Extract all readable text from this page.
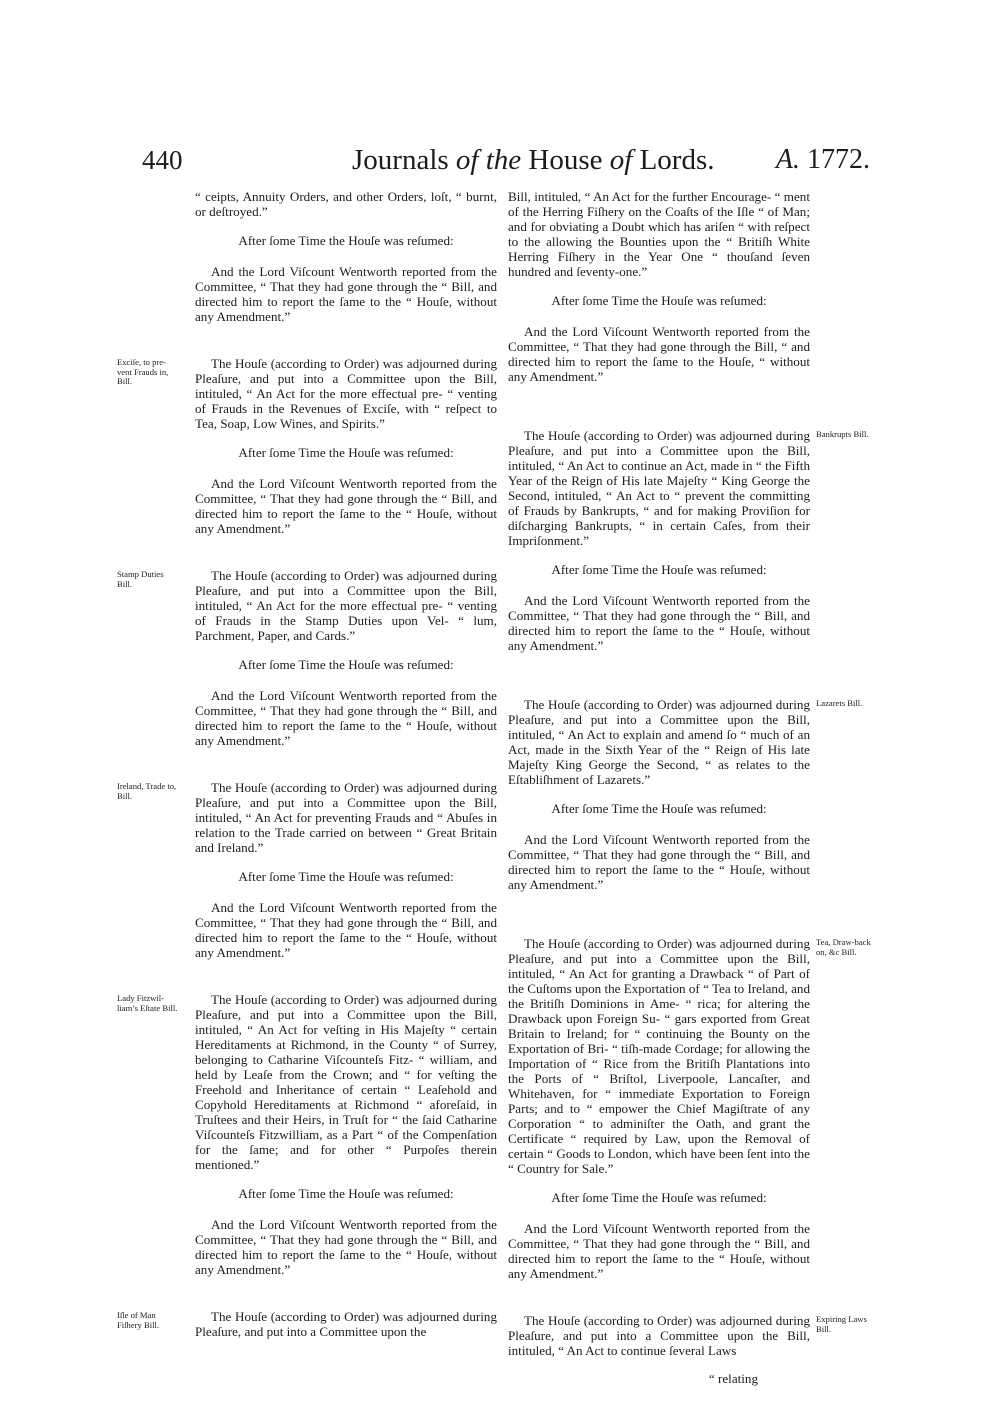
440	Journals of the House of Lords. A. 1772.

“ ceipts, Annuity Orders, and other Orders, loſt, “ burnt, or deſtroyed.”

After ſome Time the Houſe was reſumed:

And the Lord Viſcount Wentworth reported from the Committee, “ That they had gone through the “ Bill, and directed him to report the ſame to the “ Houſe, without any Amendment.”

Exciſe, to pre-vent Frauds in, Bill.
The Houſe (according to Order) was adjourned during Pleaſure, and put into a Committee upon the Bill, intituled, “ An Act for the more effectual pre- “ venting of Frauds in the Revenues of Exciſe, with “ reſpect to Tea, Soap, Low Wines, and Spirits.”

After ſome Time the Houſe was reſumed:

And the Lord Viſcount Wentworth reported from the Committee, “ That they had gone through the “ Bill, and directed him to report the ſame to the “ Houſe, without any Amendment.”

Stamp Duties Bill.
The Houſe (according to Order) was adjourned during Pleaſure, and put into a Committee upon the Bill, intituled, “ An Act for the more effectual pre- “ venting of Frauds in the Stamp Duties upon Vel- “ lum, Parchment, Paper, and Cards.”

After ſome Time the Houſe was reſumed:

And the Lord Viſcount Wentworth reported from the Committee, “ That they had gone through the “ Bill, and directed him to report the ſame to the “ Houſe, without any Amendment.”

Ireland, Trade to, Bill.
The Houſe (according to Order) was adjourned during Pleaſure, and put into a Committee upon the Bill, intituled, “ An Act for preventing Frauds and “ Abuſes in relation to the Trade carried on between “ Great Britain and Ireland.”

After ſome Time the Houſe was reſumed:

And the Lord Viſcount Wentworth reported from the Committee, “ That they had gone through the “ Bill, and directed him to report the ſame to the “ Houſe, without any Amendment.”

Lady Fitzwil-liam’s Eſtate Bill.
The Houſe (according to Order) was adjourned during Pleaſure, and put into a Committee upon the Bill, intituled, “ An Act for veſting in His Majeſty “ certain Hereditaments at Richmond, in the County “ of Surrey, belonging to Catharine Viſcounteſs Fitz- “ william, and held by Leaſe from the Crown; and “ for veſting the Freehold and Inheritance of certain “ Leaſehold and Copyhold Hereditaments at Richmond “ aforeſaid, in Truſtees and their Heirs, in Truſt for “ the ſaid Catharine Viſcounteſs Fitzwilliam, as a Part “ of the Compenſation for the ſame; and for other “ Purpoſes therein mentioned.”

After ſome Time the Houſe was reſumed:

And the Lord Viſcount Wentworth reported from the Committee, “ That they had gone through the “ Bill, and directed him to report the ſame to the “ Houſe, without any Amendment.”

Iſle of Man Fiſhery Bill.
The Houſe (according to Order) was adjourned during Pleaſure, and put into a Committee upon the

Bill, intituled, “ An Act for the further Encourage- “ ment of the Herring Fiſhery on the Coaſts of the Iſle “ of Man; and for obviating a Doubt which has ariſen “ with reſpect to the allowing the Bounties upon the “ Britiſh White Herring Fiſhery in the Year One “ thouſand ſeven hundred and ſeventy-one.”

After ſome Time the Houſe was reſumed:

And the Lord Viſcount Wentworth reported from the Committee, “ That they had gone through the Bill, “ and directed him to report the ſame to the Houſe, “ without any Amendment.”

Bankrupts Bill.
The Houſe (according to Order) was adjourned during Pleaſure, and put into a Committee upon the Bill, intituled, “ An Act to continue an Act, made in “ the Fifth Year of the Reign of His late Majeſty “ King George the Second, intituled, “ An Act to “ prevent the committing of Frauds by Bankrupts, “ and for making Proviſion for diſcharging Bankrupts, “ in certain Caſes, from their Impriſonment.”

After ſome Time the Houſe was reſumed:

And the Lord Viſcount Wentworth reported from the Committee, “ That they had gone through the “ Bill, and directed him to report the ſame to the “ Houſe, without any Amendment.”

Lazarets Bill.
The Houſe (according to Order) was adjourned during Pleaſure, and put into a Committee upon the Bill, intituled, “ An Act to explain and amend ſo “ much of an Act, made in the Sixth Year of the “ Reign of His late Majeſty King George the Second, “ as relates to the Eſtabliſhment of Lazarets.”

After ſome Time the Houſe was reſumed:

And the Lord Viſcount Wentworth reported from the Committee, “ That they had gone through the “ Bill, and directed him to report the ſame to the “ Houſe, without any Amendment.”

Tea, Draw-back on, &c Bill.
The Houſe (according to Order) was adjourned during Pleaſure, and put into a Committee upon the Bill, intituled, “ An Act for granting a Drawback “ of Part of the Cuſtoms upon the Exportation of “ Tea to Ireland, and the Britiſh Dominions in Ame- “ rica; for altering the Drawback upon Foreign Su- “ gars exported from Great Britain to Ireland; for “ continuing the Bounty on the Exportation of Bri- “ tiſh-made Cordage; for allowing the Importation of “ Rice from the Britiſh Plantations into the Ports of “ Briſtol, Liverpoole, Lancaſter, and Whitehaven, for “ immediate Exportation to Foreign Parts; and to “ empower the Chief Magiſtrate of any Corporation “ to adminiſter the Oath, and grant the Certificate “ required by Law, upon the Removal of certain “ Goods to London, which have been ſent into the “ Country for Sale.”

After ſome Time the Houſe was reſumed:

And the Lord Viſcount Wentworth reported from the Committee, “ That they had gone through the “ Bill, and directed him to report the ſame to the “ Houſe, without any Amendment.”

Expiring Laws Bill.
The Houſe (according to Order) was adjourned during Pleaſure, and put into a Committee upon the Bill, intituled, “ An Act to continue ſeveral Laws

“ relating
